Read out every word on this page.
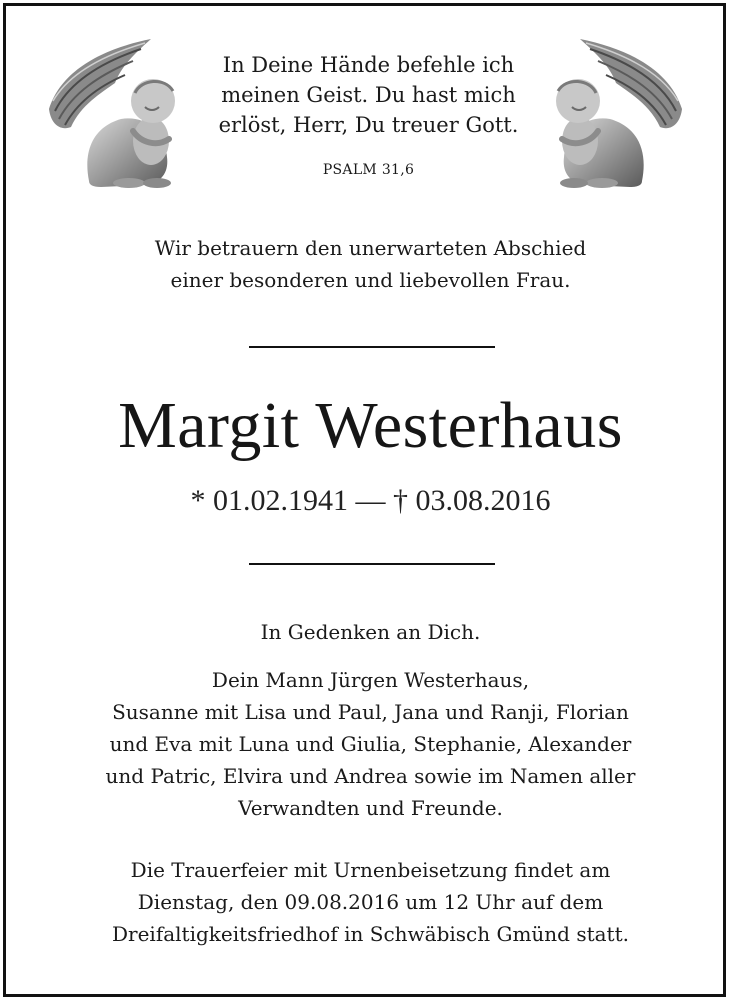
In Deine Hände befehle ich
meinen Geist. Du hast mich
erlöst, Herr, Du treuer Gott.
PSALM 31,6
Wir betrauern den unerwarteten Abschied
einer besonderen und liebevollen Frau.
Margit Westerhaus
* 01.02.1941 — † 03.08.2016
In Gedenken an Dich.
Dein Mann Jürgen Westerhaus,
Susanne mit Lisa und Paul, Jana und Ranji, Florian
und Eva mit Luna und Giulia, Stephanie, Alexander
und Patric, Elvira und Andrea sowie im Namen aller
Verwandten und Freunde.
Die Trauerfeier mit Urnenbeisetzung findet am
Dienstag, den 09.08.2016 um 12 Uhr auf dem
Dreifaltigkeitsfriedhof in Schwäbisch Gmünd statt.
